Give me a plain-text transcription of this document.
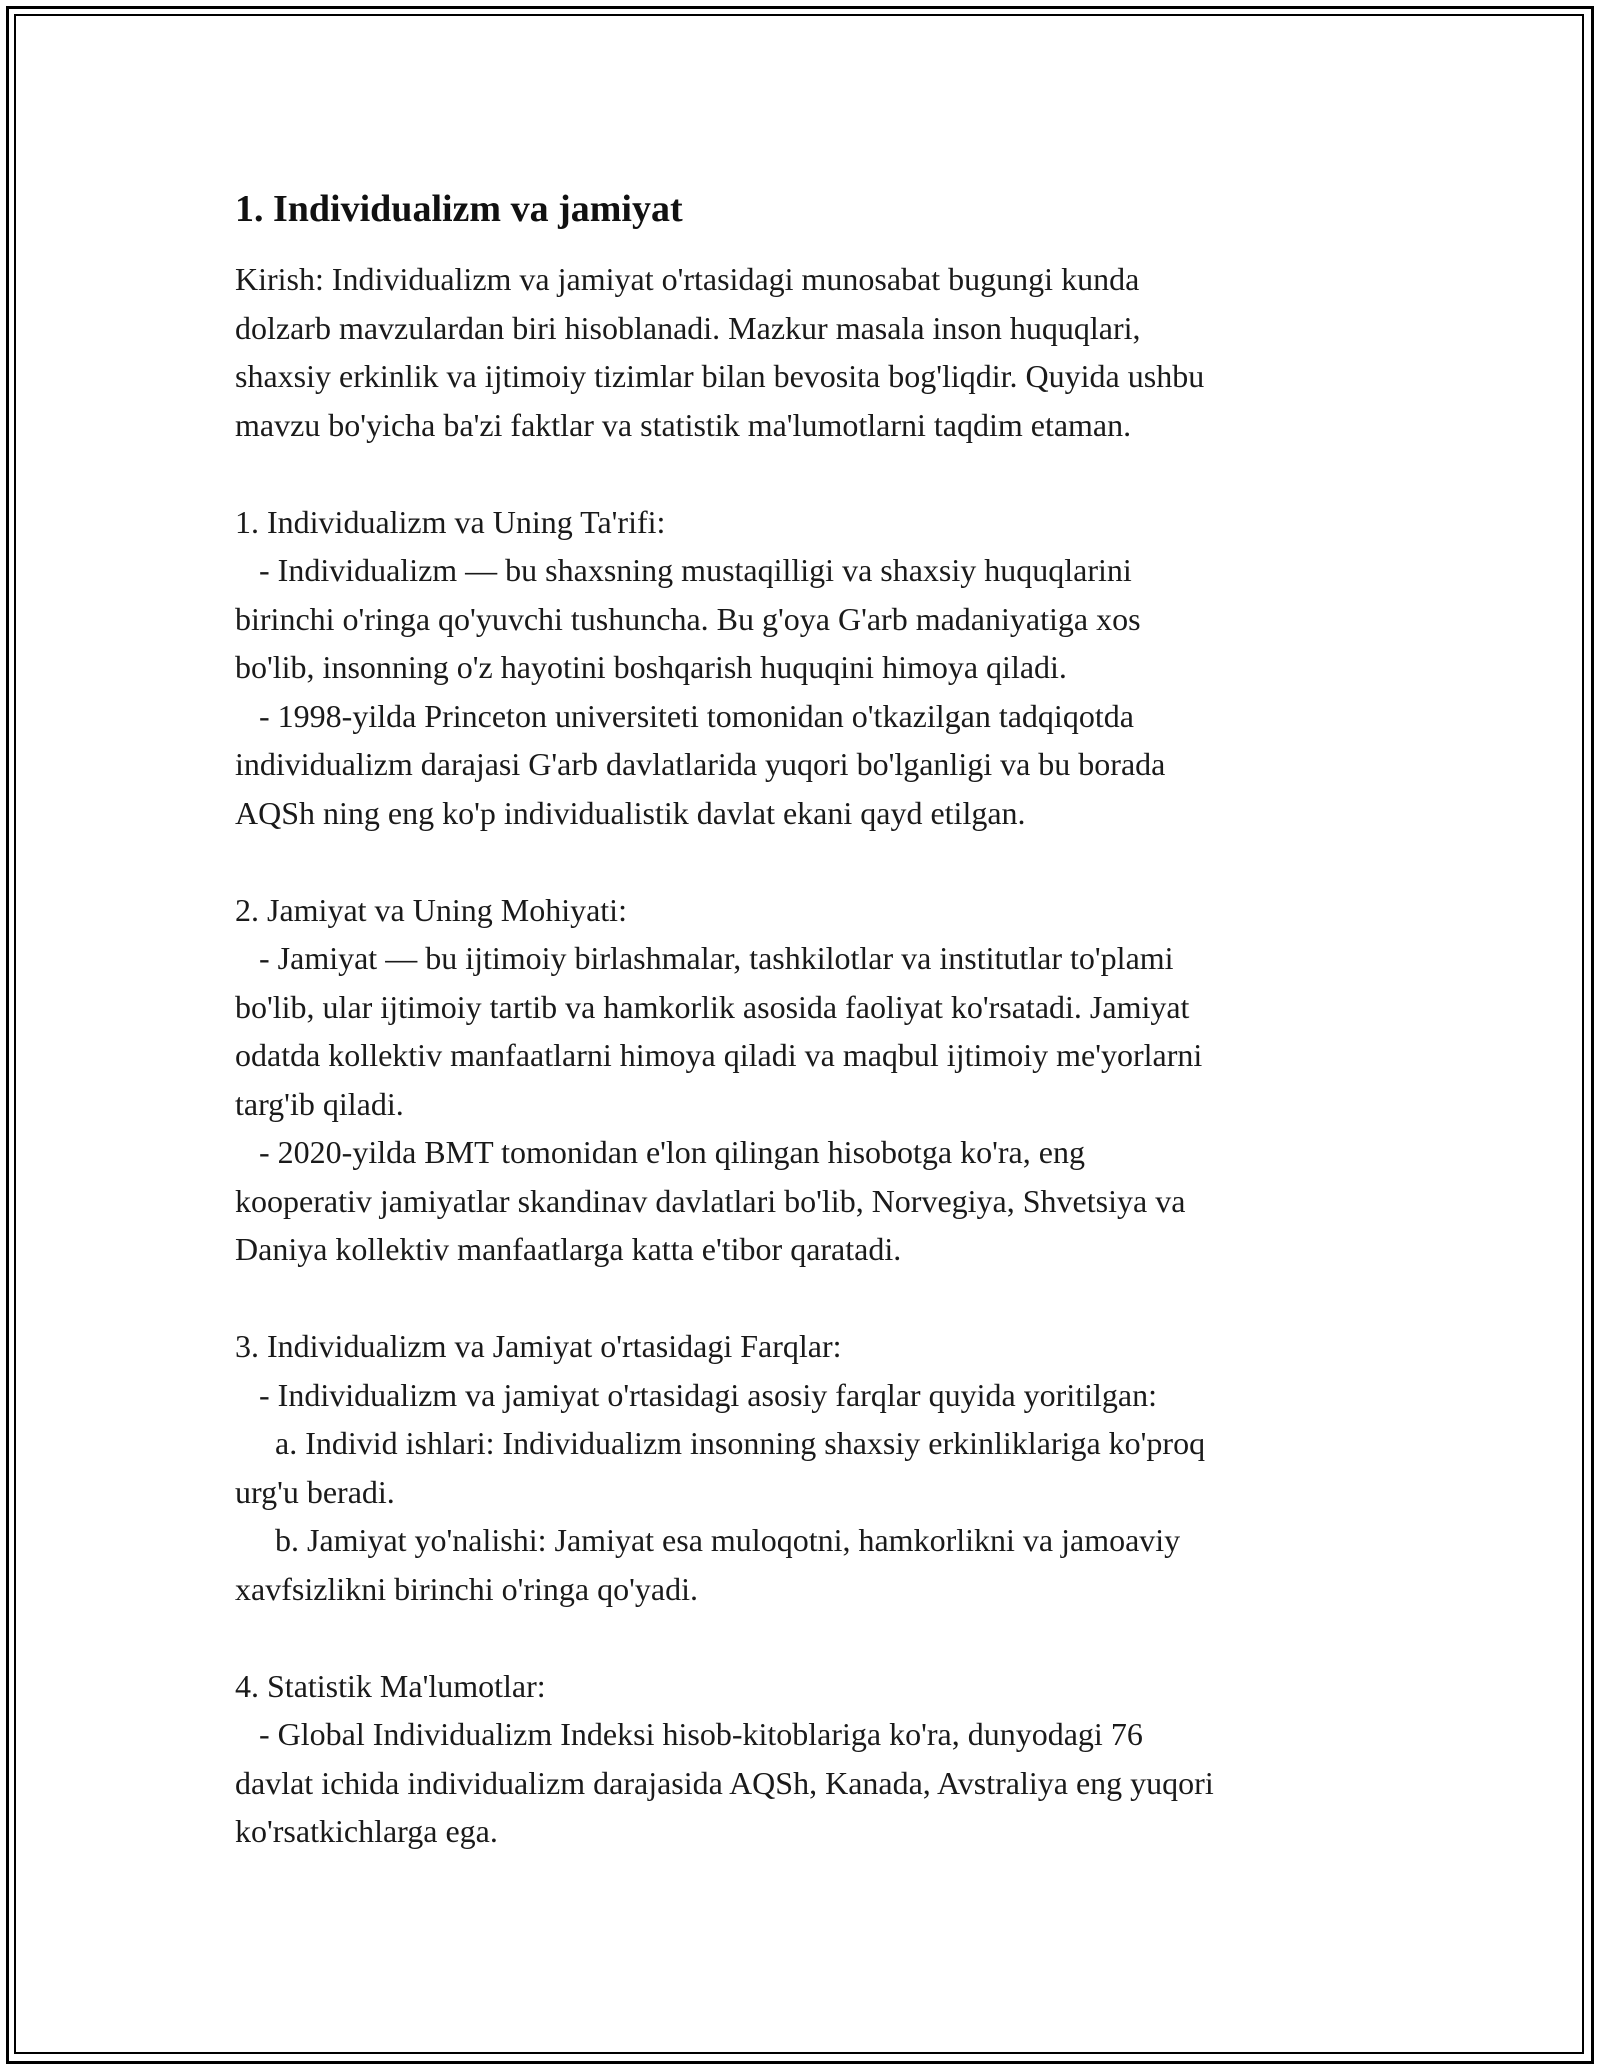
1. Individualizm va jamiyat

Kirish: Individualizm va jamiyat o'rtasidagi munosabat bugungi kunda
dolzarb mavzulardan biri hisoblanadi. Mazkur masala inson huquqlari,
shaxsiy erkinlik va ijtimoiy tizimlar bilan bevosita bog'liqdir. Quyida ushbu
mavzu bo'yicha ba'zi faktlar va statistik ma'lumotlarni taqdim etaman.

1. Individualizm va Uning Ta'rifi:
- Individualizm — bu shaxsning mustaqilligi va shaxsiy huquqlarini
birinchi o'ringa qo'yuvchi tushuncha. Bu g'oya G'arb madaniyatiga xos
bo'lib, insonning o'z hayotini boshqarish huquqini himoya qiladi.
- 1998-yilda Princeton universiteti tomonidan o'tkazilgan tadqiqotda
individualizm darajasi G'arb davlatlarida yuqori bo'lganligi va bu borada
AQSh ning eng ko'p individualistik davlat ekani qayd etilgan.

2. Jamiyat va Uning Mohiyati:
- Jamiyat — bu ijtimoiy birlashmalar, tashkilotlar va institutlar to'plami
bo'lib, ular ijtimoiy tartib va hamkorlik asosida faoliyat ko'rsatadi. Jamiyat
odatda kollektiv manfaatlarni himoya qiladi va maqbul ijtimoiy me'yorlarni
targ'ib qiladi.
- 2020-yilda BMT tomonidan e'lon qilingan hisobotga ko'ra, eng
kooperativ jamiyatlar skandinav davlatlari bo'lib, Norvegiya, Shvetsiya va
Daniya kollektiv manfaatlarga katta e'tibor qaratadi.

3. Individualizm va Jamiyat o'rtasidagi Farqlar:
- Individualizm va jamiyat o'rtasidagi asosiy farqlar quyida yoritilgan:
a. Individ ishlari: Individualizm insonning shaxsiy erkinliklariga ko'proq
urg'u beradi.
b. Jamiyat yo'nalishi: Jamiyat esa muloqotni, hamkorlikni va jamoaviy
xavfsizlikni birinchi o'ringa qo'yadi.

4. Statistik Ma'lumotlar:
- Global Individualizm Indeksi hisob-kitoblariga ko'ra, dunyodagi 76
davlat ichida individualizm darajasida AQSh, Kanada, Avstraliya eng yuqori
ko'rsatkichlarga ega.
